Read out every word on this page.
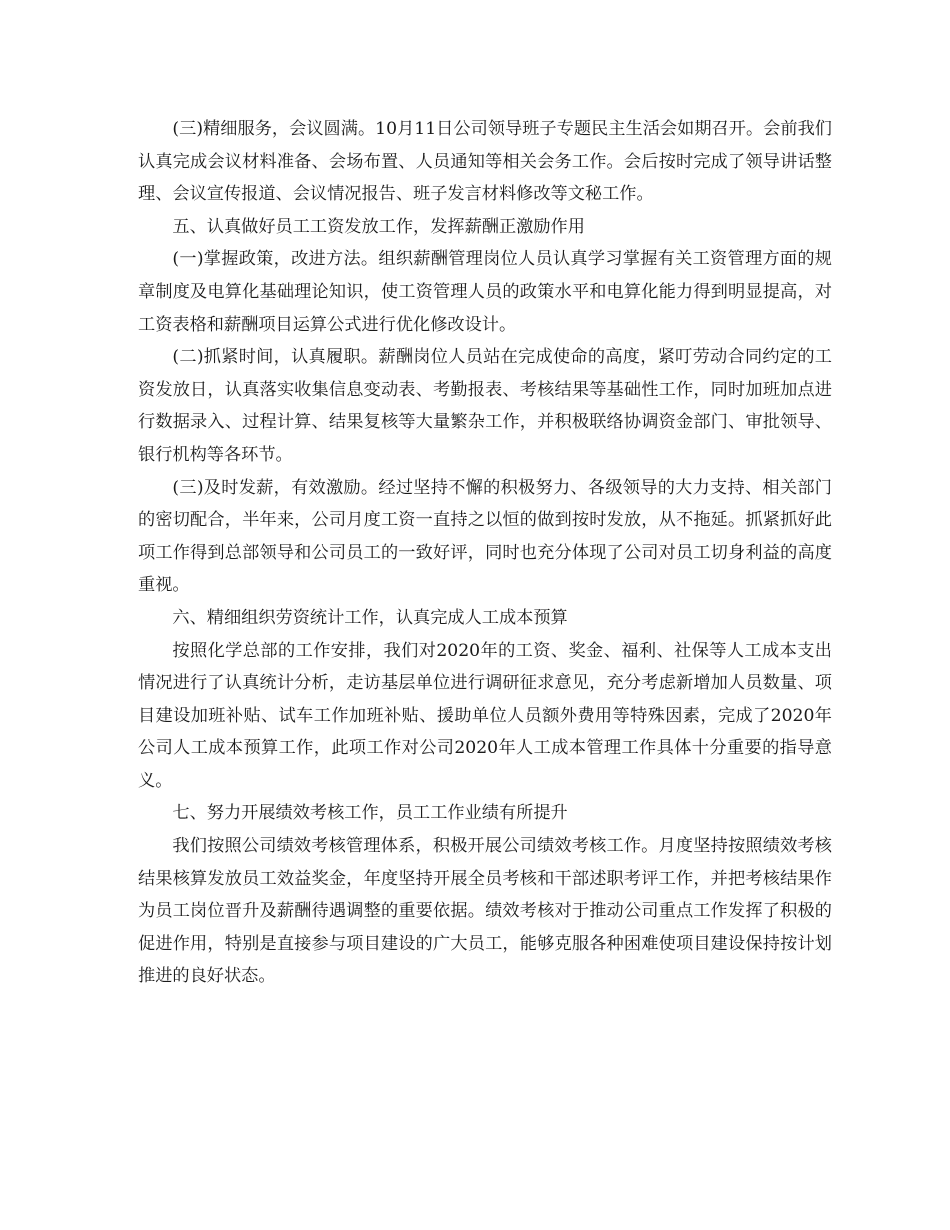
(三)精细服务，会议圆满。10月11日公司领导班子专题民主生活会如期召开。会前我们认真完成会议材料准备、会场布置、人员通知等相关会务工作。会后按时完成了领导讲话整理、会议宣传报道、会议情况报告、班子发言材料修改等文秘工作。

五、认真做好员工工资发放工作，发挥薪酬正激励作用

(一)掌握政策，改进方法。组织薪酬管理岗位人员认真学习掌握有关工资管理方面的规章制度及电算化基础理论知识，使工资管理人员的政策水平和电算化能力得到明显提高，对工资表格和薪酬项目运算公式进行优化修改设计。

(二)抓紧时间，认真履职。薪酬岗位人员站在完成使命的高度，紧叮劳动合同约定的工资发放日，认真落实收集信息变动表、考勤报表、考核结果等基础性工作，同时加班加点进行数据录入、过程计算、结果复核等大量繁杂工作，并积极联络协调资金部门、审批领导、银行机构等各环节。

(三)及时发薪，有效激励。经过坚持不懈的积极努力、各级领导的大力支持、相关部门的密切配合，半年来，公司月度工资一直持之以恒的做到按时发放，从不拖延。抓紧抓好此项工作得到总部领导和公司员工的一致好评，同时也充分体现了公司对员工切身利益的高度重视。

六、精细组织劳资统计工作，认真完成人工成本预算

按照化学总部的工作安排，我们对2020年的工资、奖金、福利、社保等人工成本支出情况进行了认真统计分析，走访基层单位进行调研征求意见，充分考虑新增加人员数量、项目建设加班补贴、试车工作加班补贴、援助单位人员额外费用等特殊因素，完成了2020年公司人工成本预算工作，此项工作对公司2020年人工成本管理工作具体十分重要的指导意义。

七、努力开展绩效考核工作，员工工作业绩有所提升

我们按照公司绩效考核管理体系，积极开展公司绩效考核工作。月度坚持按照绩效考核结果核算发放员工效益奖金，年度坚持开展全员考核和干部述职考评工作，并把考核结果作为员工岗位晋升及薪酬待遇调整的重要依据。绩效考核对于推动公司重点工作发挥了积极的促进作用，特别是直接参与项目建设的广大员工，能够克服各种困难使项目建设保持按计划推进的良好状态。
